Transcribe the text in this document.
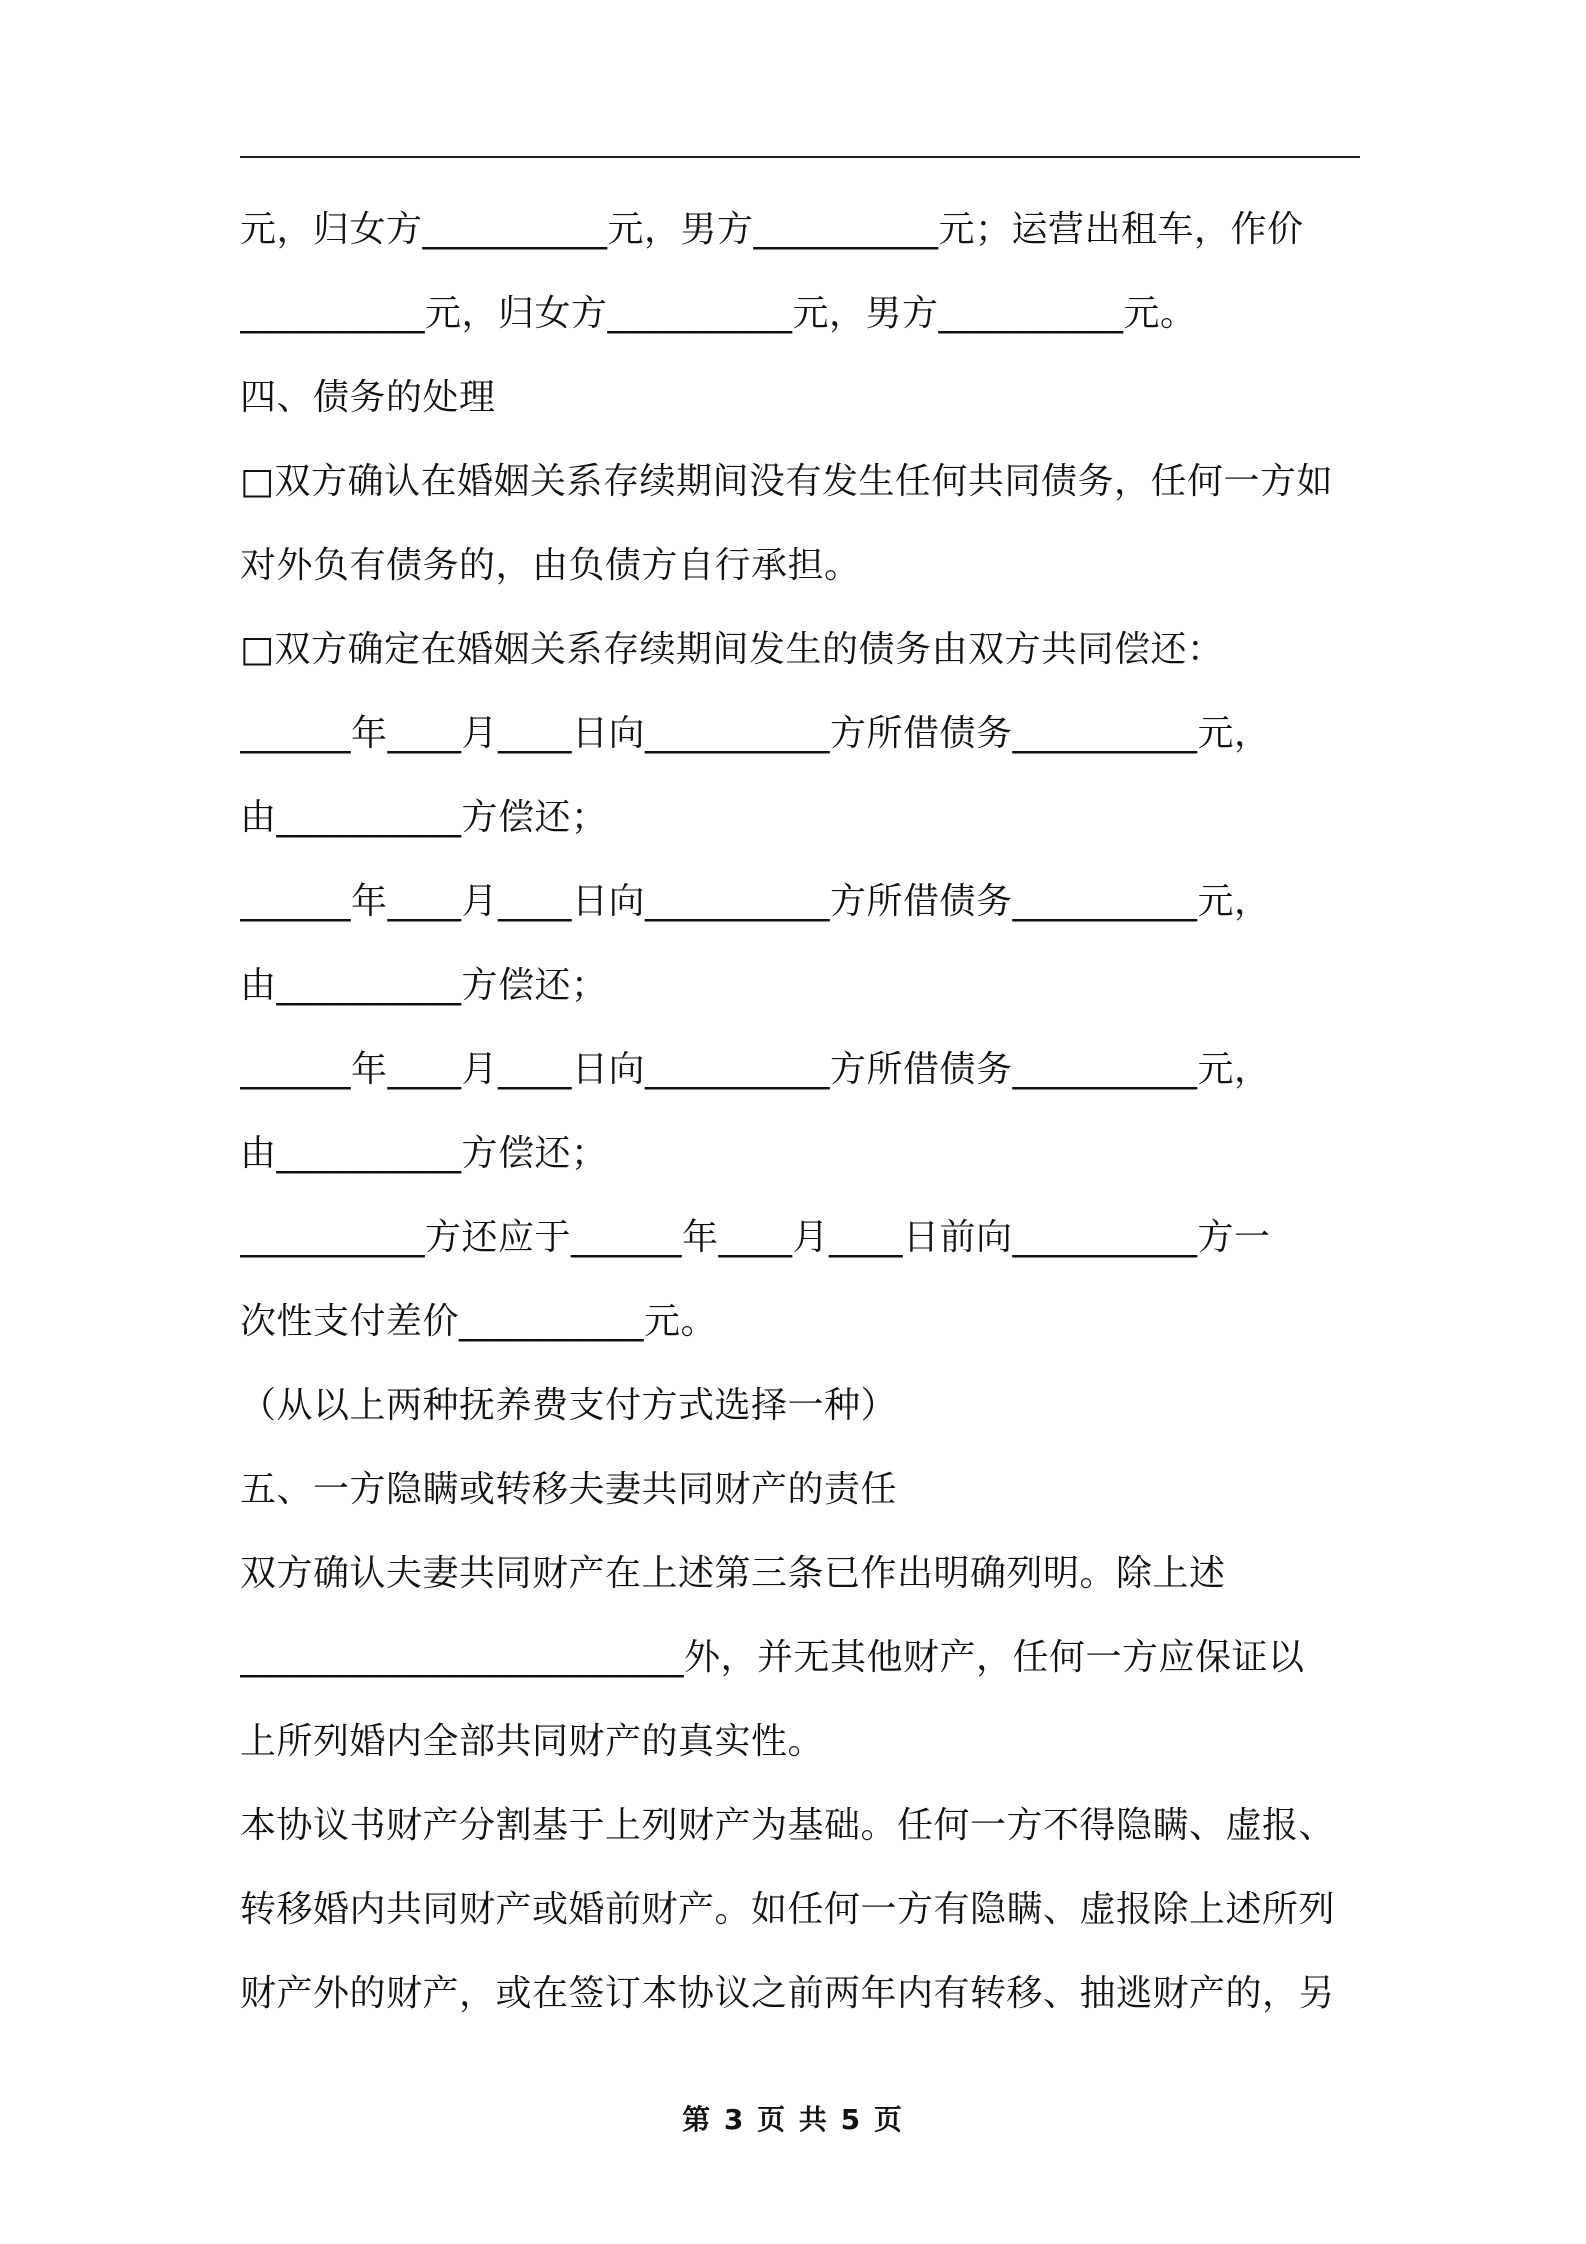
元，归女方__________元，男方__________元；运营出租车，作价
__________元，归女方__________元，男方__________元。
四、债务的处理
□双方确认在婚姻关系存续期间没有发生任何共同债务，任何一方如
对外负有债务的，由负债方自行承担。
□双方确定在婚姻关系存续期间发生的债务由双方共同偿还：
______年____月____日向__________方所借债务__________元，
由__________方偿还；
______年____月____日向__________方所借债务__________元，
由__________方偿还；
______年____月____日向__________方所借债务__________元，
由__________方偿还；
__________方还应于______年____月____日前向__________方一
次性支付差价__________元。
（从以上两种抚养费支付方式选择一种）
五、一方隐瞒或转移夫妻共同财产的责任
双方确认夫妻共同财产在上述第三条已作出明确列明。除上述
________________________外，并无其他财产，任何一方应保证以
上所列婚内全部共同财产的真实性。
本协议书财产分割基于上列财产为基础。任何一方不得隐瞒、虚报、
转移婚内共同财产或婚前财产。如任何一方有隐瞒、虚报除上述所列
财产外的财产，或在签订本协议之前两年内有转移、抽逃财产的，另
第 3 页 共 5 页
